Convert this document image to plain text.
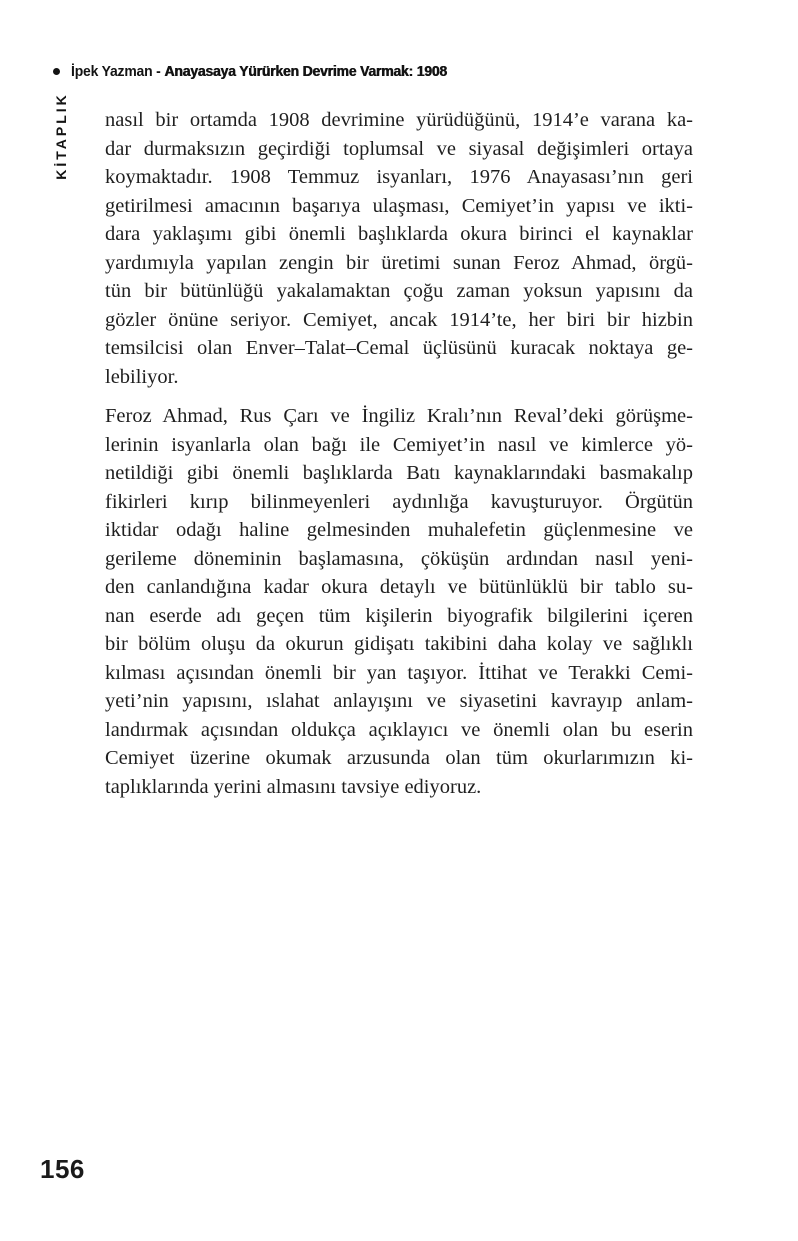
İpek Yazman - Anayasaya Yürürken Devrime Varmak: 1908
KİTAPLIK nasıl bir ortamda 1908 devrimine yürüdüğünü, 1914’e varana ka-
dar durmaksızın geçirdiği toplumsal ve siyasal değişimleri ortaya
koymaktadır. 1908 Temmuz isyanları, 1976 Anayasası’nın geri
getirilmesi amacının başarıya ulaşması, Cemiyet’in yapısı ve ikti-
dara yaklaşımı gibi önemli başlıklarda okura birinci el kaynaklar
yardımıyla yapılan zengin bir üretimi sunan Feroz Ahmad, örgü-
tün bir bütünlüğü yakalamaktan çoğu zaman yoksun yapısını da
gözler önüne seriyor. Cemiyet, ancak 1914’te, her biri bir hizbin
temsilcisi olan Enver–Talat–Cemal üçlüsünü kuracak noktaya ge-
lebiliyor.
Feroz Ahmad, Rus Çarı ve İngiliz Kralı’nın Reval’deki görüşme-
lerinin isyanlarla olan bağı ile Cemiyet’in nasıl ve kimlerce yö-
netildiği gibi önemli başlıklarda Batı kaynaklarındaki basmakalıp
fikirleri kırıp bilinmeyenleri aydınlığa kavuşturuyor. Örgütün
iktidar odağı haline gelmesinden muhalefetin güçlenmesine ve
gerileme döneminin başlamasına, çöküşün ardından nasıl yeni-
den canlandığına kadar okura detaylı ve bütünlüklü bir tablo su-
nan eserde adı geçen tüm kişilerin biyografik bilgilerini içeren
bir bölüm oluşu da okurun gidişatı takibini daha kolay ve sağlıklı
kılması açısından önemli bir yan taşıyor. İttihat ve Terakki Cemi-
yeti’nin yapısını, ıslahat anlayışını ve siyasetini kavrayıp anlam-
landırmak açısından oldukça açıklayıcı ve önemli olan bu eserin
Cemiyet üzerine okumak arzusunda olan tüm okurlarımızın ki-
taplıklarında yerini almasını tavsiye ediyoruz.
156
